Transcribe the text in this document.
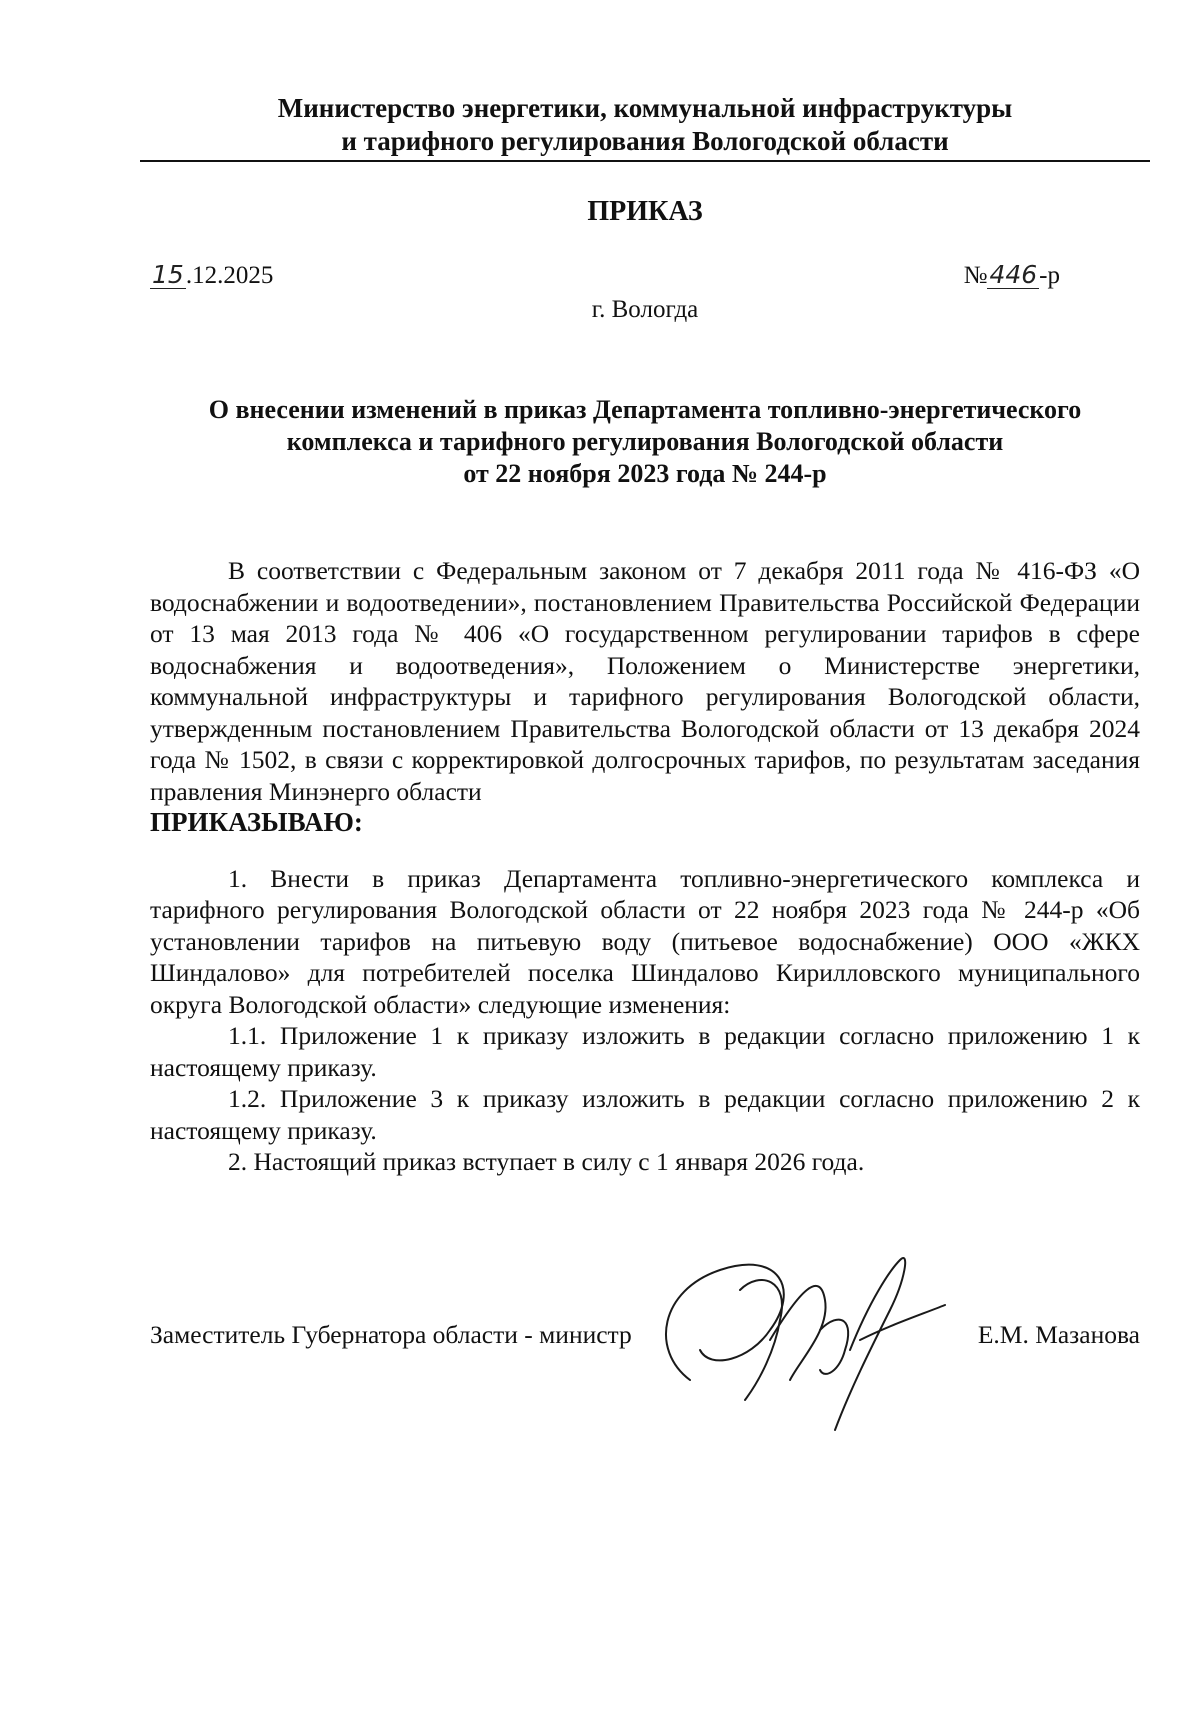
Министерство энергетики, коммунальной инфраструктуры
и тарифного регулирования Вологодской области
ПРИКАЗ
15.12.2025	№446-р
г. Вологда
О внесении изменений в приказ Департамента топливно-энергетического
комплекса и тарифного регулирования Вологодской области
от 22 ноября 2023 года № 244-р

В соответствии с Федеральным законом от 7 декабря 2011 года № 416-ФЗ «О водоснабжении и водоотведении», постановлением Правительства Российской Федерации от 13 мая 2013 года № 406 «О государственном регулировании тарифов в сфере водоснабжения и водоотведения», Положением о Министерстве энергетики, коммунальной инфраструктуры и тарифного регулирования Вологодской области, утвержденным постановлением Правительства Вологодской области от 13 декабря 2024 года № 1502, в связи с корректировкой долгосрочных тарифов, по результатам заседания правления Минэнерго области

ПРИКАЗЫВАЮ:

1. Внести в приказ Департамента топливно-энергетического комплекса и тарифного регулирования Вологодской области от 22 ноября 2023 года № 244-р «Об установлении тарифов на питьевую воду (питьевое водоснабжение) ООО «ЖКХ Шиндалово» для потребителей поселка Шиндалово Кирилловского муниципального округа Вологодской области» следующие изменения:

1.1. Приложение 1 к приказу изложить в редакции согласно приложению 1 к настоящему приказу.

1.2. Приложение 3 к приказу изложить в редакции согласно приложению 2 к настоящему приказу.

2. Настоящий приказ вступает в силу с 1 января 2026 года.

Заместитель Губернатора области - министр	Е.М. Мазанова
